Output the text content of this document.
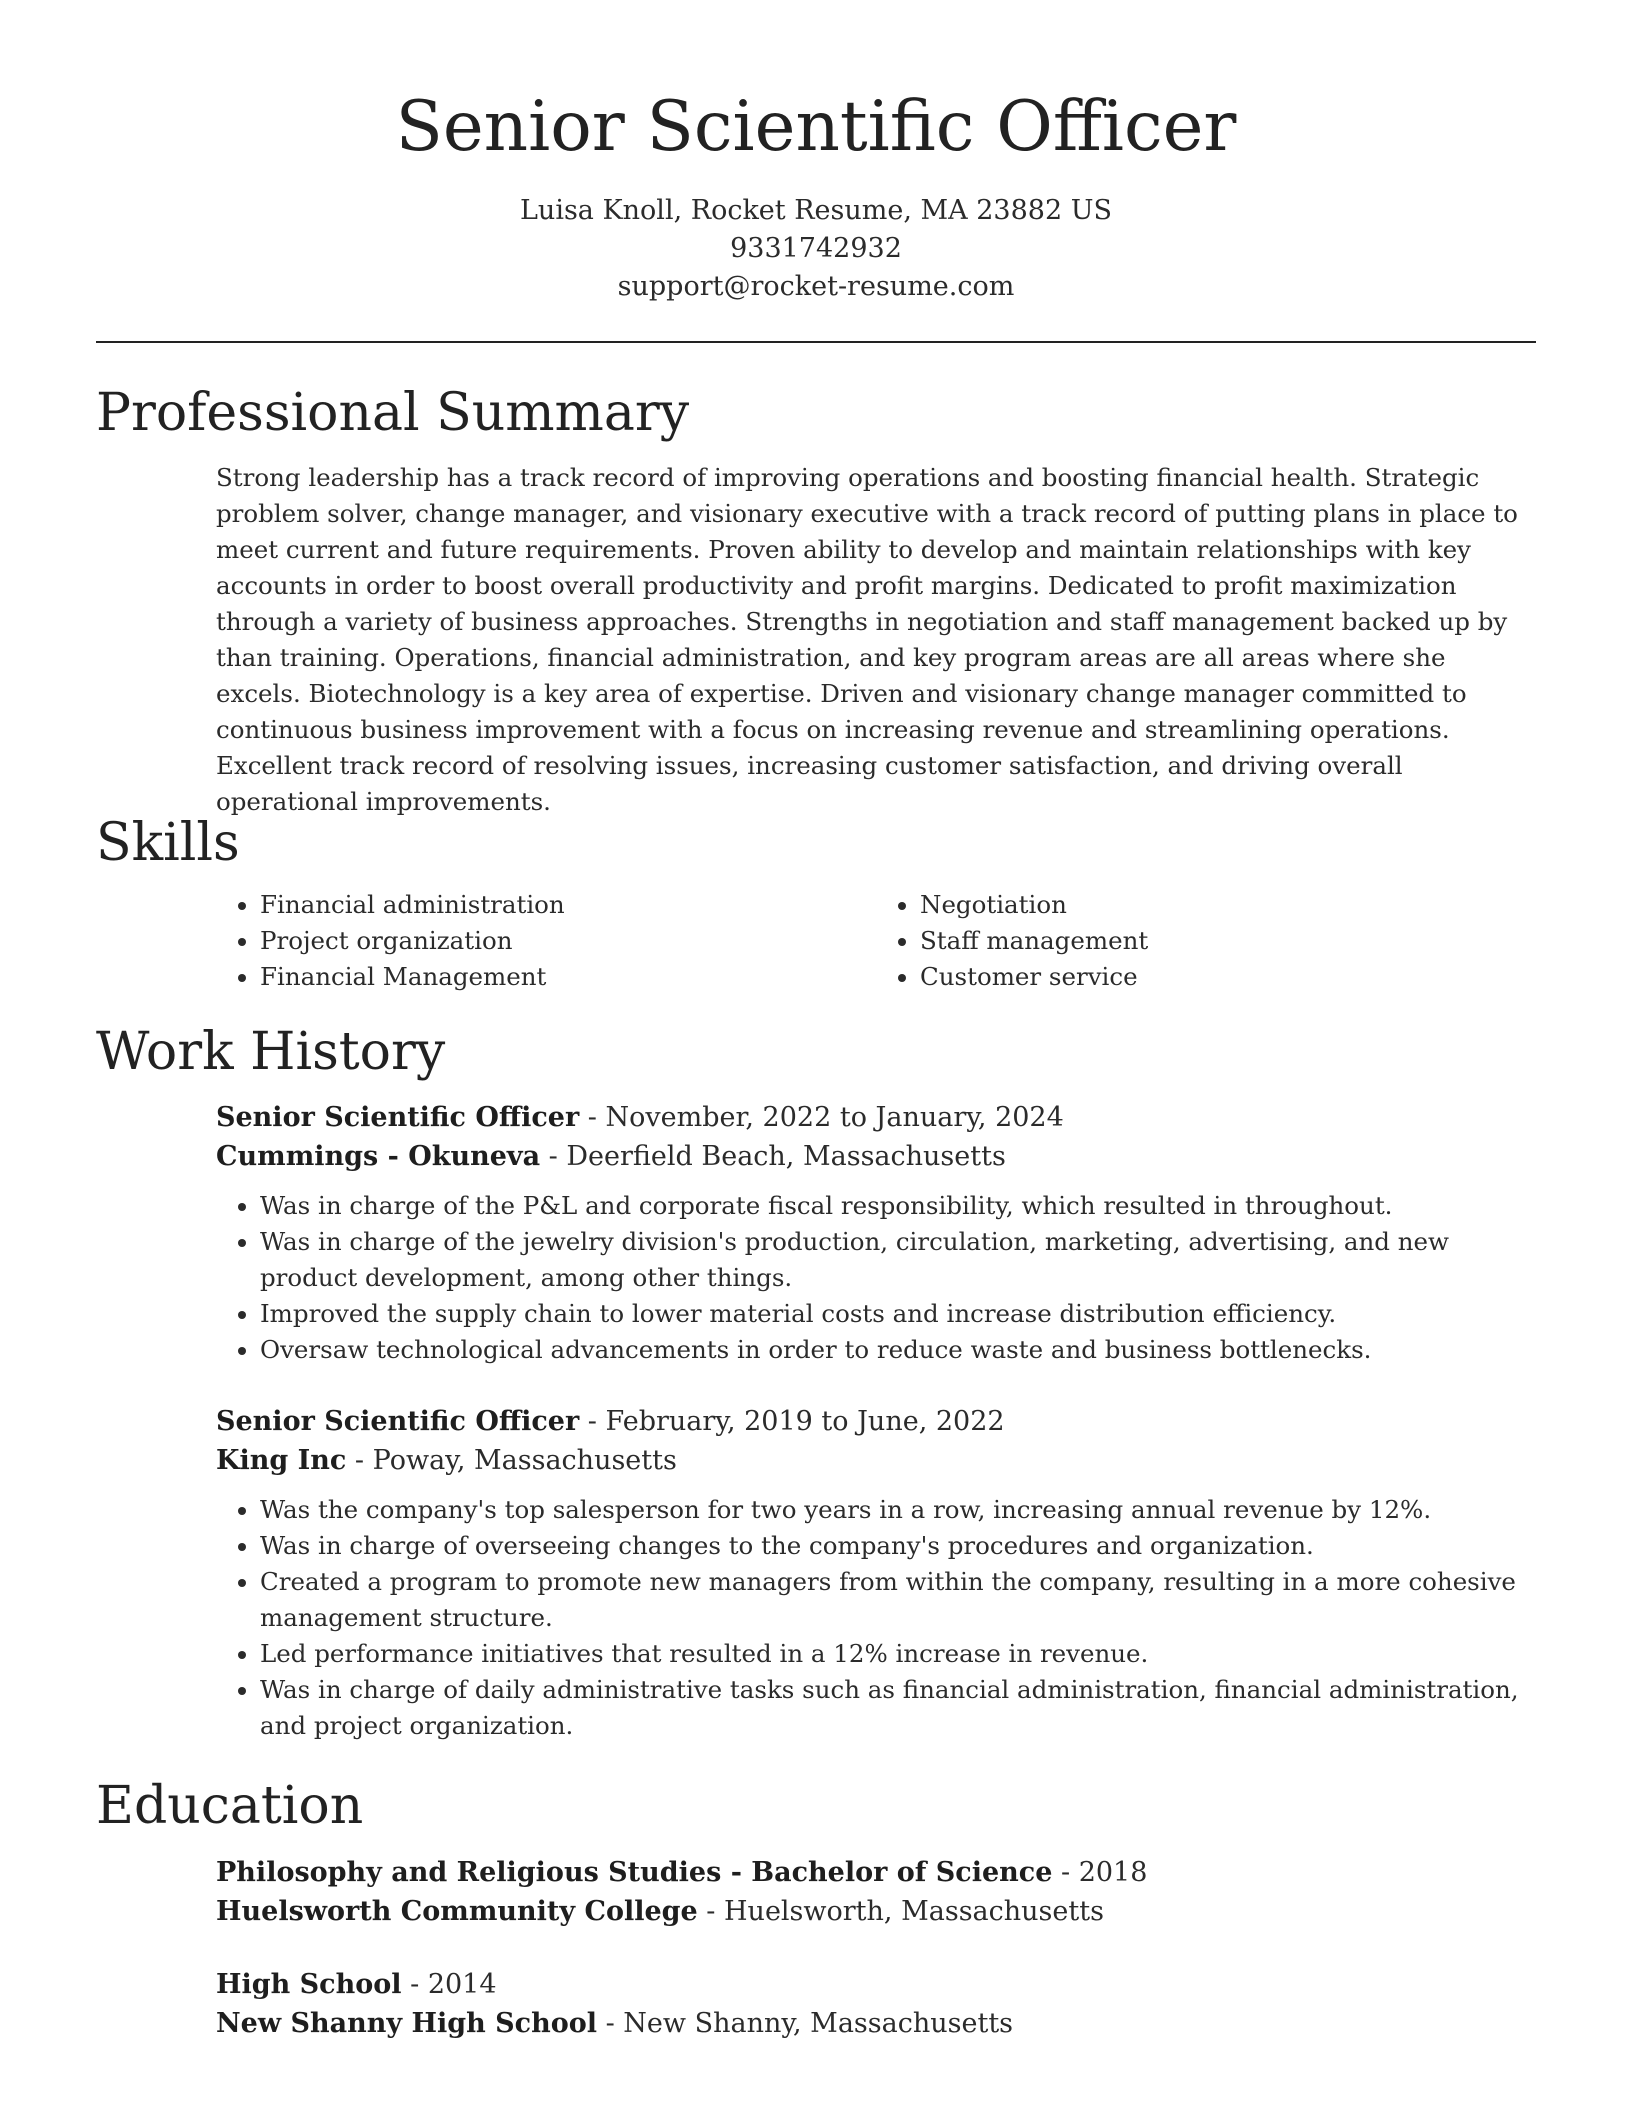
Senior Scientific Officer
Luisa Knoll, Rocket Resume, MA 23882 US
9331742932
support@rocket-resume.com
Professional Summary

Strong leadership has a track record of improving operations and boosting financial health. Strategic problem solver, change manager, and visionary executive with a track record of putting plans in place to meet current and future requirements. Proven ability to develop and maintain relationships with key accounts in order to boost overall productivity and profit margins. Dedicated to profit maximization through a variety of business approaches. Strengths in negotiation and staff management backed up by than training. Operations, financial administration, and key program areas are all areas where she excels. Biotechnology is a key area of expertise. Driven and visionary change manager committed to continuous business improvement with a focus on increasing revenue and streamlining operations. Excellent track record of resolving issues, increasing customer satisfaction, and driving overall operational improvements.

Skills
• Financial administration
• Project organization
• Financial Management
• Negotiation
• Staff management
• Customer service
Work History
Senior Scientific Officer - November, 2022 to January, 2024
Cummings - Okuneva - Deerfield Beach, Massachusetts
• Was in charge of the P&L and corporate fiscal responsibility, which resulted in throughout.
• Was in charge of the jewelry division's production, circulation, marketing, advertising, and new product development, among other things.
• Improved the supply chain to lower material costs and increase distribution efficiency.
• Oversaw technological advancements in order to reduce waste and business bottlenecks.
Senior Scientific Officer - February, 2019 to June, 2022
King Inc - Poway, Massachusetts
• Was the company's top salesperson for two years in a row, increasing annual revenue by 12%.
• Was in charge of overseeing changes to the company's procedures and organization.
• Created a program to promote new managers from within the company, resulting in a more cohesive management structure.
• Led performance initiatives that resulted in a 12% increase in revenue.
• Was in charge of daily administrative tasks such as financial administration, financial administration, and project organization.
Education
Philosophy and Religious Studies - Bachelor of Science - 2018
Huelsworth Community College - Huelsworth, Massachusetts
High School - 2014
New Shanny High School - New Shanny, Massachusetts
